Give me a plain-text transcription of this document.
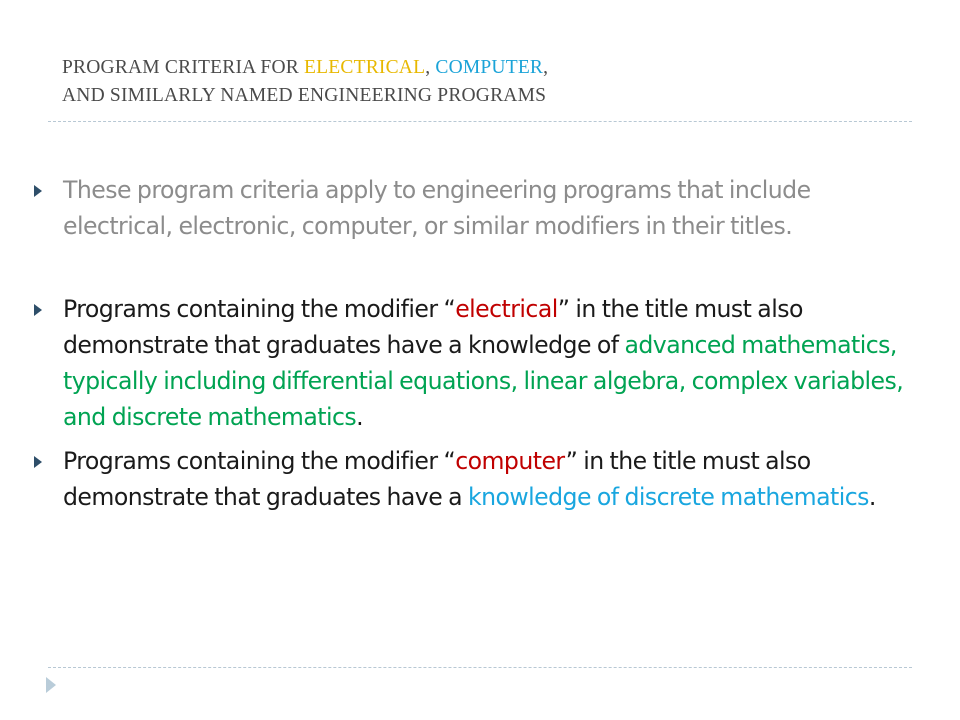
PROGRAM CRITERIA FOR ELECTRICAL, COMPUTER,
AND SIMILARLY NAMED ENGINEERING PROGRAMS
These program criteria apply to engineering programs that include electrical, electronic, computer, or similar modifiers in their titles.
Programs containing the modifier “electrical” in the title must also demonstrate that graduates have a knowledge of advanced mathematics, typically including differential equations, linear algebra, complex variables, and discrete mathematics.
Programs containing the modifier “computer” in the title must also demonstrate that graduates have a knowledge of discrete mathematics.
